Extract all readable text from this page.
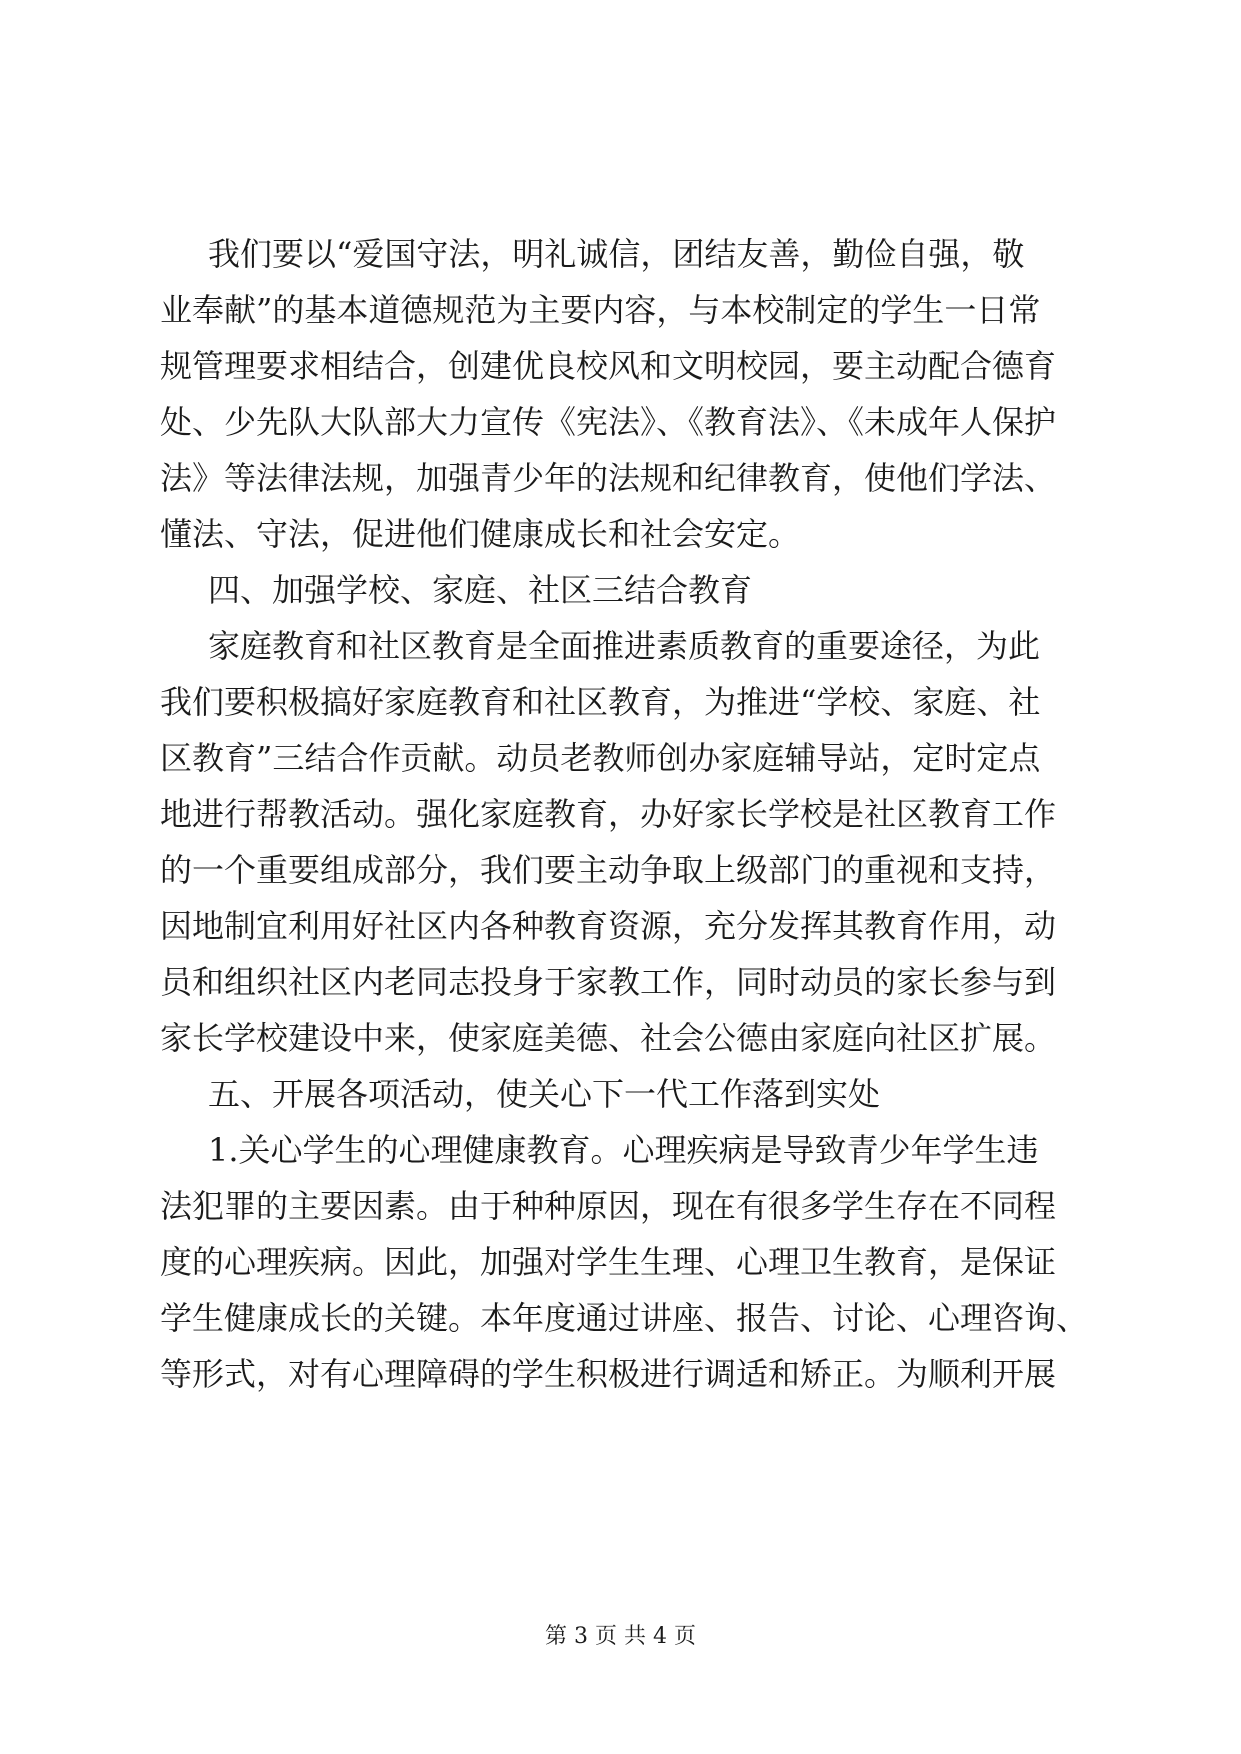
我们要以“爱国守法，明礼诚信，团结友善，勤俭自强，敬
业奉献”的基本道德规范为主要内容，与本校制定的学生一日常
规管理要求相结合，创建优良校风和文明校园，要主动配合德育
处、少先队大队部大力宣传《宪法》、《教育法》、《未成年人保护
法》等法律法规，加强青少年的法规和纪律教育，使他们学法、
懂法、守法，促进他们健康成长和社会安定。
四、加强学校、家庭、社区三结合教育
家庭教育和社区教育是全面推进素质教育的重要途径，为此
我们要积极搞好家庭教育和社区教育，为推进“学校、家庭、社
区教育”三结合作贡献。动员老教师创办家庭辅导站，定时定点
地进行帮教活动。强化家庭教育，办好家长学校是社区教育工作
的一个重要组成部分，我们要主动争取上级部门的重视和支持，
因地制宜利用好社区内各种教育资源，充分发挥其教育作用，动
员和组织社区内老同志投身于家教工作，同时动员的家长参与到
家长学校建设中来，使家庭美德、社会公德由家庭向社区扩展。
五、开展各项活动，使关心下一代工作落到实处
1.关心学生的心理健康教育。心理疾病是导致青少年学生违
法犯罪的主要因素。由于种种原因，现在有很多学生存在不同程
度的心理疾病。因此，加强对学生生理、心理卫生教育，是保证
学生健康成长的关键。本年度通过讲座、报告、讨论、心理咨询、
等形式，对有心理障碍的学生积极进行调适和矫正。为顺利开展
第 3 页 共 4 页
